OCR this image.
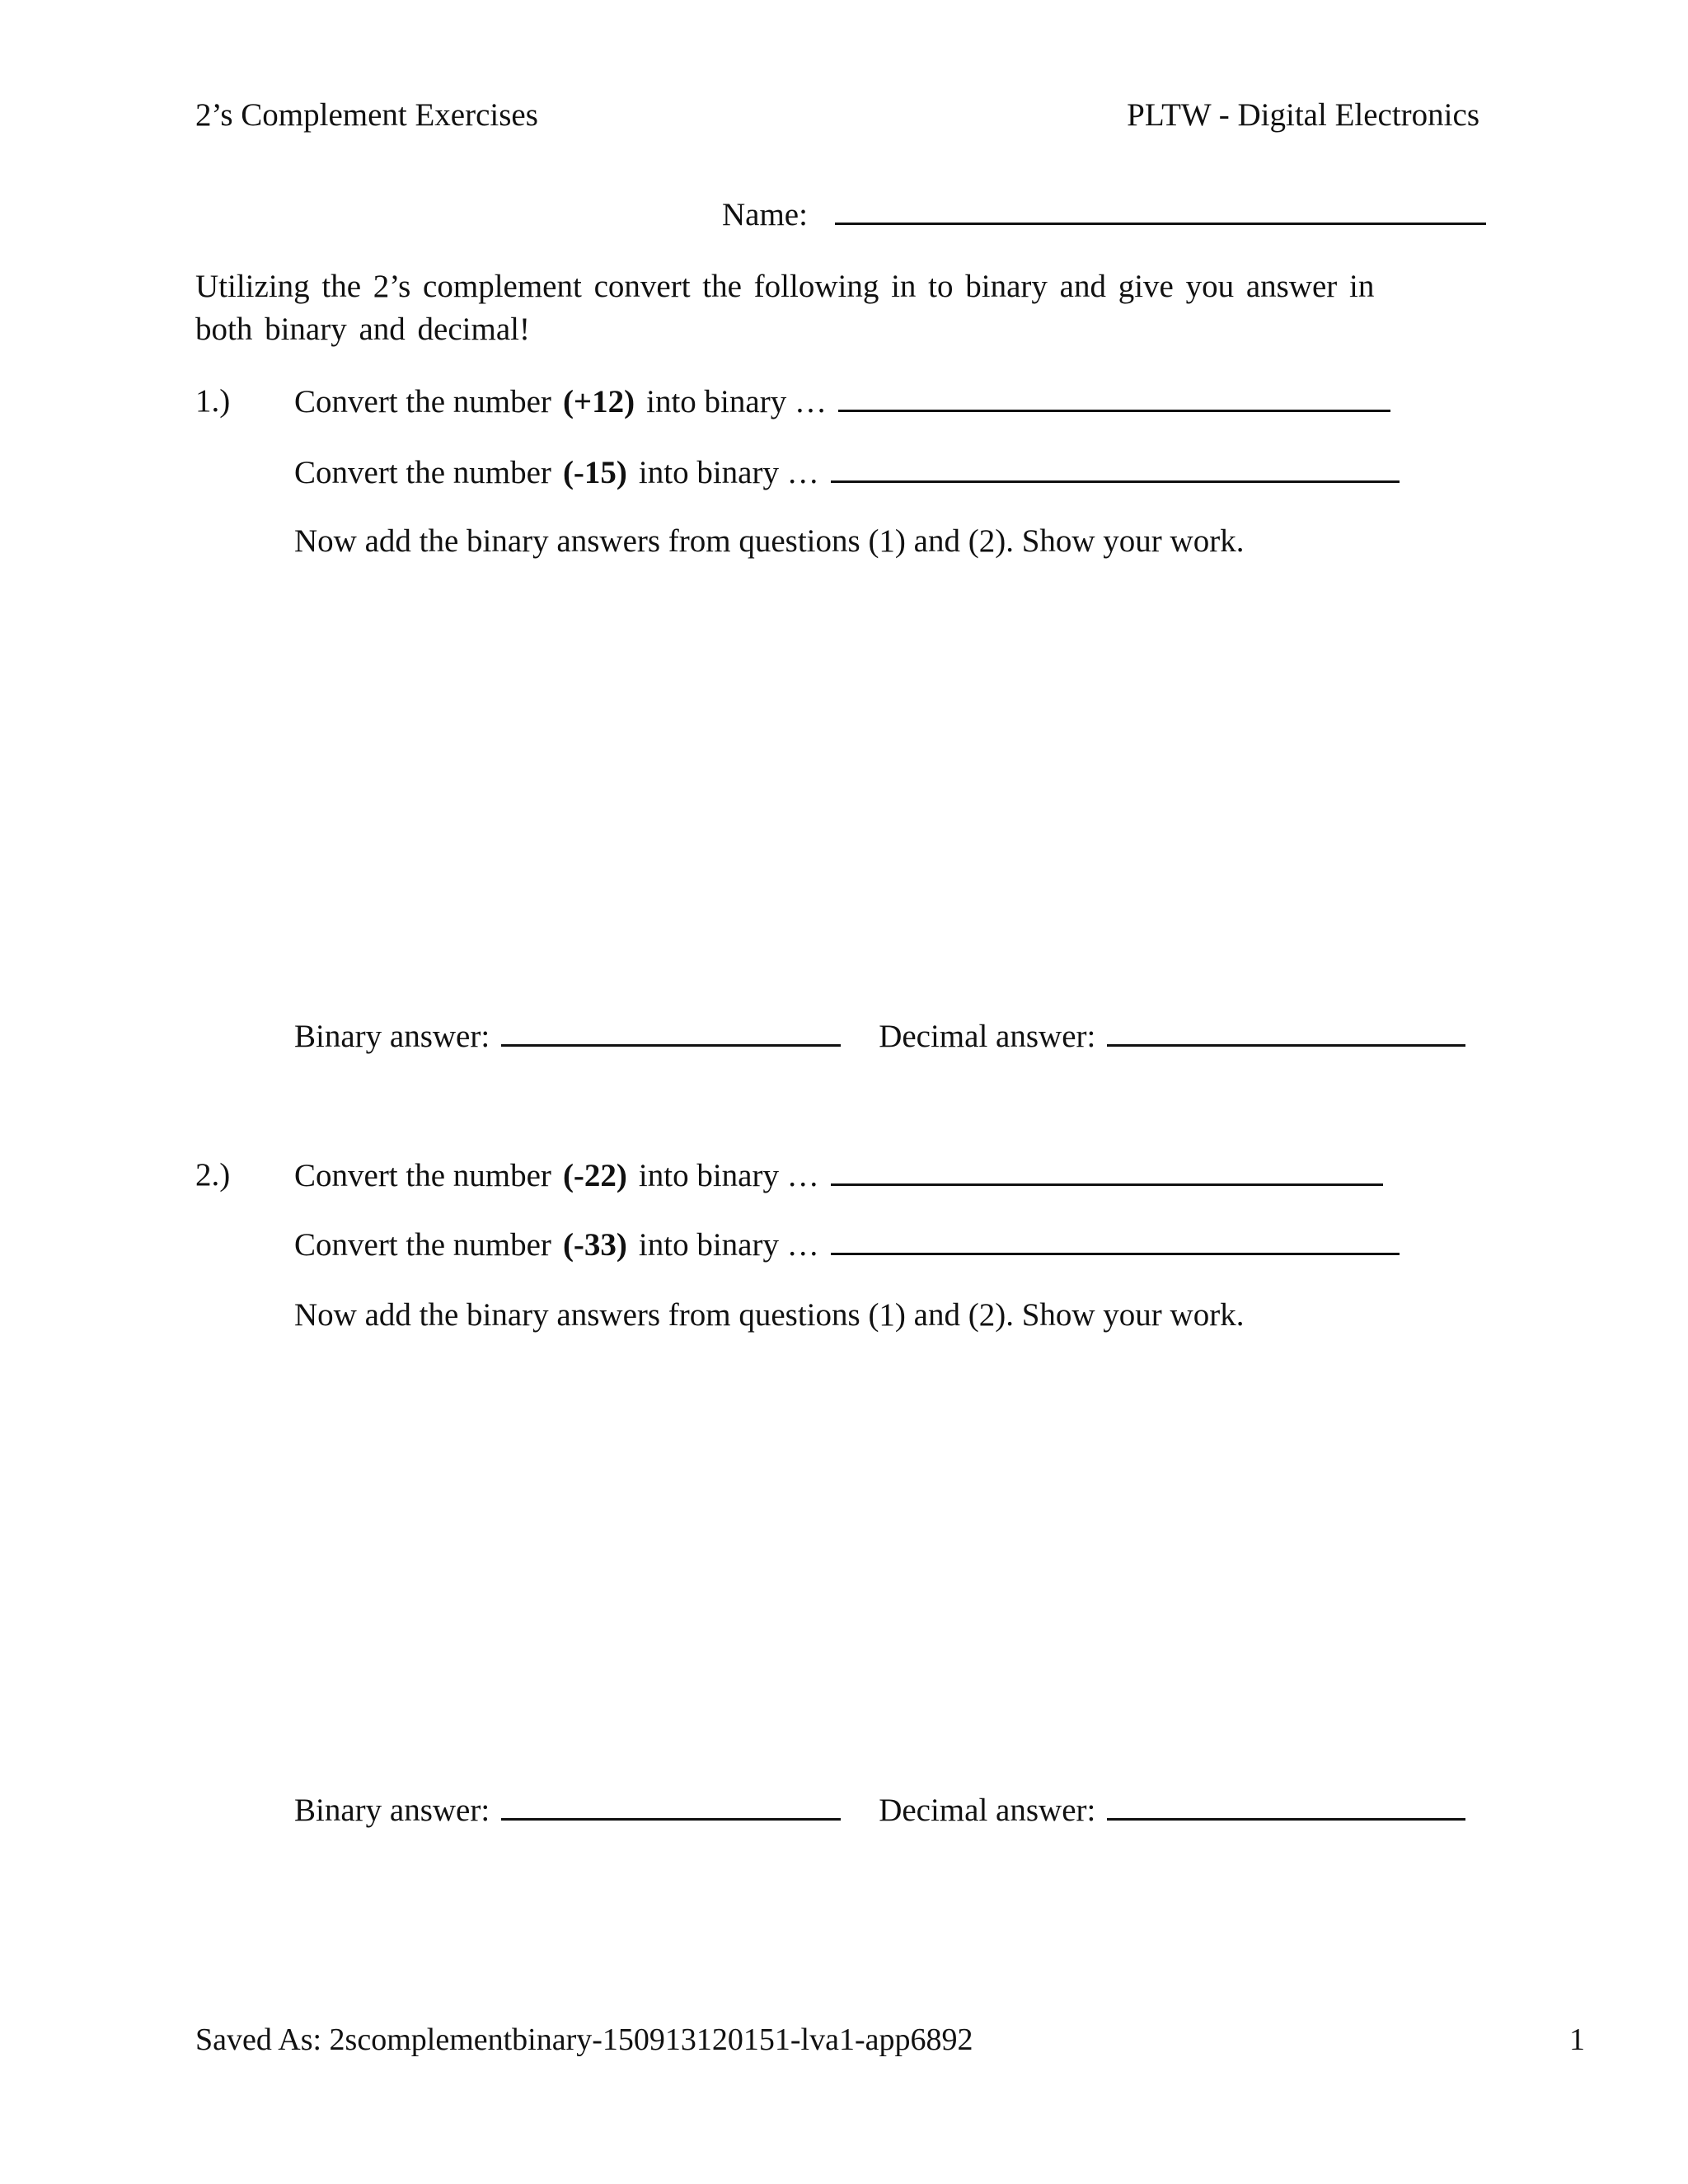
2’s Complement Exercises	PLTW - Digital Electronics
Name:
Utilizing the 2’s complement convert the following in to binary and give you answer in both binary and decimal!
1.) Convert the number (+12) into binary …
Convert the number (-15) into binary …
Now add the binary answers from questions (1) and (2). Show your work.
Binary answer:	Decimal answer:
2.) Convert the number (-22) into binary …
Convert the number (-33) into binary …
Now add the binary answers from questions (1) and (2). Show your work.
Binary answer:	Decimal answer:
Saved As: 2scomplementbinary-150913120151-lva1-app6892	1
